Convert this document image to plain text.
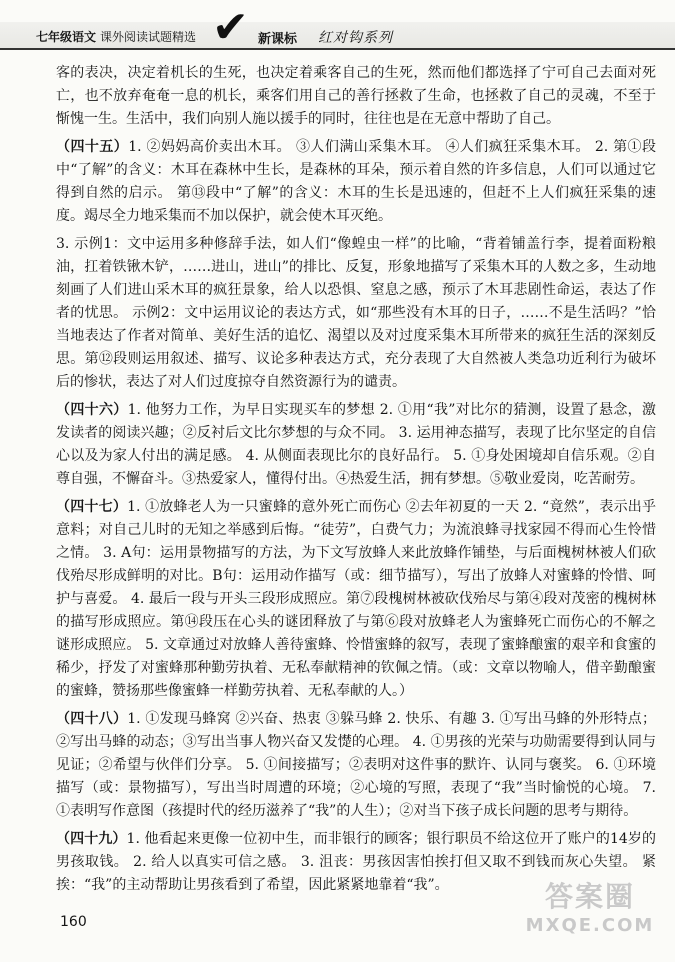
七年级语文 课外阅读试题精选 ✔ 新课标 红对钩系列

客的表决，决定着机长的生死，也决定着乘客自己的生死，然而他们都选择了宁可自己去面对死亡，也不放弃奄奄一息的机长，乘客们用自己的善行拯救了生命，也拯救了自己的灵魂，不至于惭愧一生。生活中，我们向别人施以援手的同时，往往也是在无意中帮助了自己。

（四十五）1. ②妈妈高价卖出木耳。 ③人们满山采集木耳。 ④人们疯狂采集木耳。 2. 第①段中“了解”的含义：木耳在森林中生长，是森林的耳朵，预示着自然的许多信息，人们可以通过它得到自然的启示。 第⑬段中“了解”的含义：木耳的生长是迅速的，但赶不上人们疯狂采集的速度。竭尽全力地采集而不加以保护，就会使木耳灭绝。

3. 示例1：文中运用多种修辞手法，如人们“像蝗虫一样”的比喻，“背着铺盖行李，提着面粉粮油，扛着铁锹木铲，……进山，进山”的排比、反复，形象地描写了采集木耳的人数之多，生动地刻画了人们进山采木耳的疯狂景象，给人以恐惧、窒息之感，预示了木耳悲剧性命运，表达了作者的忧思。 示例2：文中运用议论的表达方式，如“那些没有木耳的日子，……不是生活吗？”恰当地表达了作者对简单、美好生活的追忆、渴望以及对过度采集木耳所带来的疯狂生活的深刻反思。第⑫段则运用叙述、描写、议论多种表达方式，充分表现了大自然被人类急功近利行为破坏后的惨状，表达了对人们过度掠夺自然资源行为的谴责。

（四十六）1. 他努力工作，为早日实现买车的梦想 2. ①用“我”对比尔的猜测，设置了悬念，激发读者的阅读兴趣；②反衬后文比尔梦想的与众不同。 3. 运用神态描写，表现了比尔坚定的自信心以及为家人付出的满足感。 4. 从侧面表现比尔的良好品行。 5. ①身处困境却自信乐观。②自尊自强，不懈奋斗。③热爱家人，懂得付出。④热爱生活，拥有梦想。⑤敬业爱岗，吃苦耐劳。

（四十七）1. ①放蜂老人为一只蜜蜂的意外死亡而伤心 ②去年初夏的一天 2. “竟然”，表示出乎意料；对自己儿时的无知之举感到后悔。“徒劳”，白费气力；为流浪蜂寻找家园不得而心生怜惜之情。 3. A句：运用景物描写的方法，为下文写放蜂人来此放蜂作铺垫，与后面槐树林被人们砍伐殆尽形成鲜明的对比。B句：运用动作描写（或：细节描写），写出了放蜂人对蜜蜂的怜惜、呵护与喜爱。 4. 最后一段与开头三段形成照应。第⑦段槐树林被砍伐殆尽与第④段对茂密的槐树林的描写形成照应。第⑭段压在心头的谜团释放了与第⑥段对放蜂老人为蜜蜂死亡而伤心的不解之谜形成照应。 5. 文章通过对放蜂人善待蜜蜂、怜惜蜜蜂的叙写，表现了蜜蜂酿蜜的艰辛和食蜜的稀少，抒发了对蜜蜂那种勤劳执着、无私奉献精神的钦佩之情。（或：文章以物喻人，借辛勤酿蜜的蜜蜂，赞扬那些像蜜蜂一样勤劳执着、无私奉献的人。）

（四十八）1. ①发现马蜂窝 ②兴奋、热衷 ③躲马蜂 2. 快乐、有趣 3. ①写出马蜂的外形特点；②写出马蜂的动态；③写出当事人物兴奋又发憷的心理。 4. ①男孩的光荣与功勋需要得到认同与见证；②希望与伙伴们分享。 5. ①间接描写；②表明对这件事的默许、认同与褒奖。 6. ①环境描写（或：景物描写），写出当时周遭的环境；②心境的写照，表现了“我”当时愉悦的心境。 7. ①表明写作意图（孩提时代的经历滋养了“我”的人生）；②对当下孩子成长问题的思考与期待。

（四十九）1. 他看起来更像一位初中生，而非银行的顾客；银行职员不给这位开了账户的14岁的男孩取钱。 2. 给人以真实可信之感。 3. 沮丧：男孩因害怕挨打但又取不到钱而灰心失望。 紧挨：“我”的主动帮助让男孩看到了希望，因此紧紧地靠着“我”。

160
答案圈
MXQE.COM
